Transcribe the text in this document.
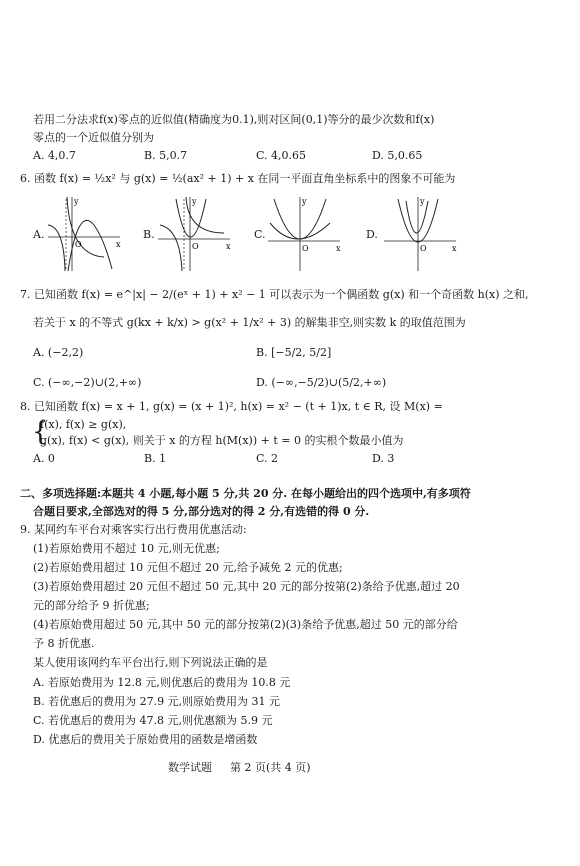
若用二分法求f(x)零点的近似值(精确度为0.1),则对区间(0,1)等分的最少次数和f(x)
零点的一个近似值分别为
A. 4,0.7	B. 5,0.7	C. 4,0.65	D. 5,0.65
6. 函数 f(x) = ½x² 与 g(x) = ½(ax² + 1) + x 在同一平面直角坐标系中的图象不可能为
A.
O	x
y
B.
O	x
y
C.
O	x
y
D.
O	x
y
7. 已知函数 f(x) = e^|x| − 2/(eˣ + 1) + x² − 1 可以表示为一个偶函数 g(x) 和一个奇函数 h(x) 之和,
若关于 x 的不等式 g(kx + k/x) > g(x² + 1/x² + 3) 的解集非空,则实数 k 的取值范围为
A. (−2,2)	B. [−5/2, 5/2]
C. (−∞,−2)∪(2,+∞)	D. (−∞,−5/2)∪(5/2,+∞)
8. 已知函数 f(x) = x + 1, g(x) = (x + 1)², h(x) = x² − (t + 1)x, t ∈ R, 设 M(x) =
f(x), f(x) ≥ g(x),
g(x), f(x) < g(x), 则关于 x 的方程 h(M(x)) + t = 0 的实根个数最小值为
{
A. 0	B. 1	C. 2	D. 3
二、多项选择题:本题共 4 小题,每小题 5 分,共 20 分. 在每小题给出的四个选项中,有多项符
合题目要求,全部选对的得 5 分,部分选对的得 2 分,有选错的得 0 分.
9. 某网约车平台对乘客实行出行费用优惠活动:
(1)若原始费用不超过 10 元,则无优惠;
(2)若原始费用超过 10 元但不超过 20 元,给予减免 2 元的优惠;
(3)若原始费用超过 20 元但不超过 50 元,其中 20 元的部分按第(2)条给予优惠,超过 20
元的部分给予 9 折优惠;
(4)若原始费用超过 50 元,其中 50 元的部分按第(2)(3)条给予优惠,超过 50 元的部分给
予 8 折优惠.
某人使用该网约车平台出行,则下列说法正确的是
A. 若原始费用为 12.8 元,则优惠后的费用为 10.8 元
B. 若优惠后的费用为 27.9 元,则原始费用为 31 元
C. 若优惠后的费用为 47.8 元,则优惠额为 5.9 元
D. 优惠后的费用关于原始费用的函数是增函数
数学试题 第 2 页(共 4 页)
